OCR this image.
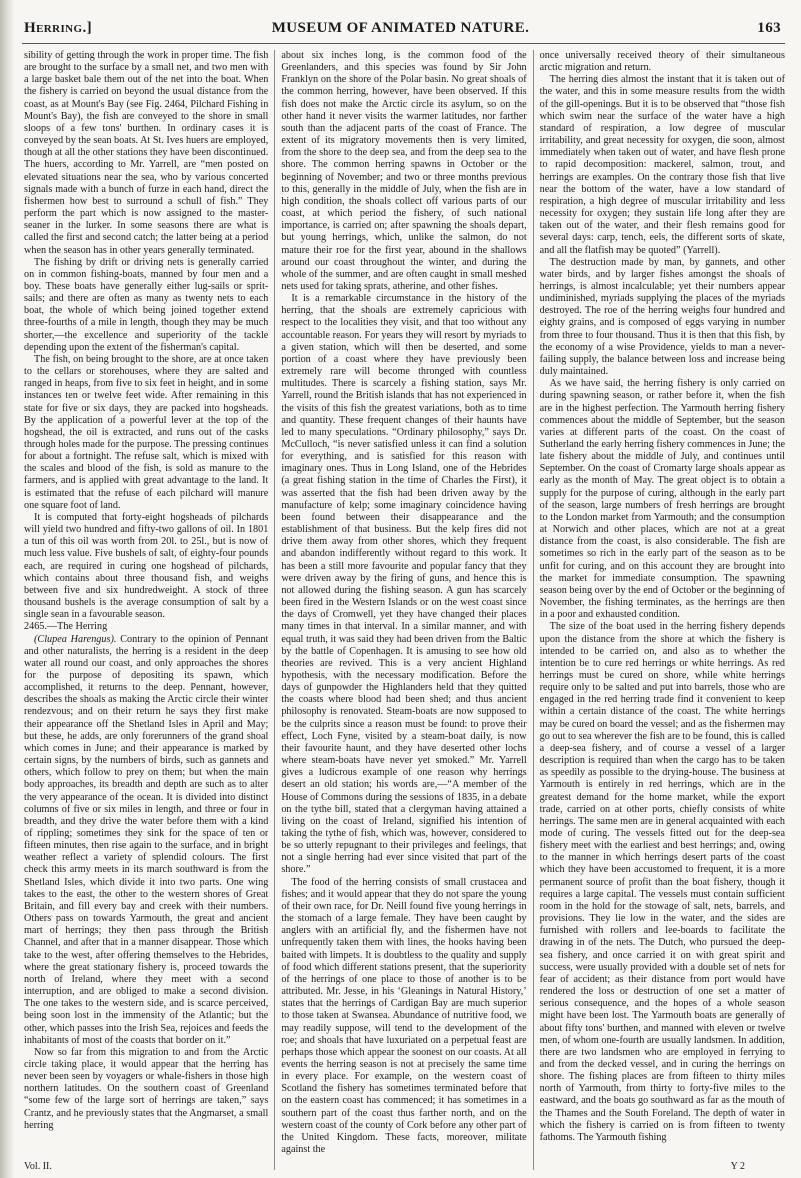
Herring.]	MUSEUM OF ANIMATED NATURE.	163

sibility of getting through the work in proper time. The fish are brought to the surface by a small net, and two men with a large basket bale them out of the net into the boat. When the fishery is carried on beyond the usual distance from the coast, as at Mount's Bay (see Fig. 2464, Pilchard Fishing in Mount's Bay), the fish are conveyed to the shore in small sloops of a few tons' burthen. In ordinary cases it is conveyed by the sean boats. At St. Ives huers are employed, though at all the other stations they have been discontinued. The huers, according to Mr. Yarrell, are “men posted on elevated situations near the sea, who by various concerted signals made with a bunch of furze in each hand, direct the fishermen how best to surround a schull of fish.” They perform the part which is now assigned to the master-seaner in the lurker. In some seasons there are what is called the first and second catch; the latter being at a period when the season has in other years generally terminated.

The fishing by drift or driving nets is generally carried on in common fishing-boats, manned by four men and a boy. These boats have generally either lug-sails or sprit-sails; and there are often as many as twenty nets to each boat, the whole of which being joined together extend three-fourths of a mile in length, though they may be much shorter,—the excellence and superiority of the tackle depending upon the extent of the fisherman's capital.

The fish, on being brought to the shore, are at once taken to the cellars or storehouses, where they are salted and ranged in heaps, from five to six feet in height, and in some instances ten or twelve feet wide. After remaining in this state for five or six days, they are packed into hogsheads. By the application of a powerful lever at the top of the hogshead, the oil is extracted, and runs out of the casks through holes made for the purpose. The pressing continues for about a fortnight. The refuse salt, which is mixed with the scales and blood of the fish, is sold as manure to the farmers, and is applied with great advantage to the land. It is estimated that the refuse of each pilchard will manure one square foot of land.

It is computed that forty-eight hogsheads of pilchards will yield two hundred and fifty-two gallons of oil. In 1801 a tun of this oil was worth from 20l. to 25l., but is now of much less value. Five bushels of salt, of eighty-four pounds each, are required in curing one hogshead of pilchards, which contains about three thousand fish, and weighs between five and six hundredweight. A stock of three thousand bushels is the average consumption of salt by a single sean in a favourable season.

2465.—The Herring

(Clupea Harengus). Contrary to the opinion of Pennant and other naturalists, the herring is a resident in the deep water all round our coast, and only approaches the shores for the purpose of depositing its spawn, which accomplished, it returns to the deep. Pennant, however, describes the shoals as making the Arctic circle their winter rendezvous; and on their return he says they first make their appearance off the Shetland Isles in April and May; but these, he adds, are only forerunners of the grand shoal which comes in June; and their appearance is marked by certain signs, by the numbers of birds, such as gannets and others, which follow to prey on them; but when the main body approaches, its breadth and depth are such as to alter the very appearance of the ocean. It is divided into distinct columns of five or six miles in length, and three or four in breadth, and they drive the water before them with a kind of rippling; sometimes they sink for the space of ten or fifteen minutes, then rise again to the surface, and in bright weather reflect a variety of splendid colours. The first check this army meets in its march southward is from the Shetland Isles, which divide it into two parts. One wing takes to the east, the other to the western shores of Great Britain, and fill every bay and creek with their numbers. Others pass on towards Yarmouth, the great and ancient mart of herrings; they then pass through the British Channel, and after that in a manner disappear. Those which take to the west, after offering themselves to the Hebrides, where the great stationary fishery is, proceed towards the north of Ireland, where they meet with a second interruption, and are obliged to make a second division. The one takes to the western side, and is scarce perceived, being soon lost in the immensity of the Atlantic; but the other, which passes into the Irish Sea, rejoices and feeds the inhabitants of most of the coasts that border on it.”

Now so far from this migration to and from the Arctic circle taking place, it would appear that the herring has never been seen by voyagers or whale-fishers in those high northern latitudes. On the southern coast of Greenland “some few of the large sort of herrings are taken,” says Crantz, and he previously states that the Angmarset, a small herring

about six inches long, is the common food of the Greenlanders, and this species was found by Sir John Franklyn on the shore of the Polar basin. No great shoals of the common herring, however, have been observed. If this fish does not make the Arctic circle its asylum, so on the other hand it never visits the warmer latitudes, nor farther south than the adjacent parts of the coast of France. The extent of its migratory movements then is very limited, from the shore to the deep sea, and from the deep sea to the shore. The common herring spawns in October or the beginning of November; and two or three months previous to this, generally in the middle of July, when the fish are in high condition, the shoals collect off various parts of our coast, at which period the fishery, of such national importance, is carried on; after spawning the shoals depart, but young herrings, which, unlike the salmon, do not mature their roe for the first year, abound in the shallows around our coast throughout the winter, and during the whole of the summer, and are often caught in small meshed nets used for taking sprats, atherine, and other fishes.

It is a remarkable circumstance in the history of the herring, that the shoals are extremely capricious with respect to the localities they visit, and that too without any accountable reason. For years they will resort by myriads to a given station, which will then be deserted, and some portion of a coast where they have previously been extremely rare will become thronged with countless multitudes. There is scarcely a fishing station, says Mr. Yarrell, round the British islands that has not experienced in the visits of this fish the greatest variations, both as to time and quantity. These frequent changes of their haunts have led to many speculations. “Ordinary philosophy,” says Dr. McCulloch, “is never satisfied unless it can find a solution for everything, and is satisfied for this reason with imaginary ones. Thus in Long Island, one of the Hebrides (a great fishing station in the time of Charles the First), it was asserted that the fish had been driven away by the manufacture of kelp; some imaginary coincidence having been found between their disappearance and the establishment of that business. But the kelp fires did not drive them away from other shores, which they frequent and abandon indifferently without regard to this work. It has been a still more favourite and popular fancy that they were driven away by the firing of guns, and hence this is not allowed during the fishing season. A gun has scarcely been fired in the Western Islands or on the west coast since the days of Cromwell, yet they have changed their places many times in that interval. In a similar manner, and with equal truth, it was said they had been driven from the Baltic by the battle of Copenhagen. It is amusing to see how old theories are revived. This is a very ancient Highland hypothesis, with the necessary modification. Before the days of gunpowder the Highlanders held that they quitted the coasts where blood had been shed; and thus ancient philosophy is renovated. Steam-boats are now supposed to be the culprits since a reason must be found: to prove their effect, Loch Fyne, visited by a steam-boat daily, is now their favourite haunt, and they have deserted other lochs where steam-boats have never yet smoked.” Mr. Yarrell gives a ludicrous example of one reason why herrings desert an old station; his words are,—“A member of the House of Commons during the sessions of 1835, in a debate on the tythe bill, stated that a clergyman having attained a living on the coast of Ireland, signified his intention of taking the tythe of fish, which was, however, considered to be so utterly repugnant to their privileges and feelings, that not a single herring had ever since visited that part of the shore.”

The food of the herring consists of small crustacea and fishes; and it would appear that they do not spare the young of their own race, for Dr. Neill found five young herrings in the stomach of a large female. They have been caught by anglers with an artificial fly, and the fishermen have not unfrequently taken them with lines, the hooks having been baited with limpets. It is doubtless to the quality and supply of food which different stations present, that the superiority of the herrings of one place to those of another is to be attributed. Mr. Jesse, in his ‘Gleanings in Natural History,’ states that the herrings of Cardigan Bay are much superior to those taken at Swansea. Abundance of nutritive food, we may readily suppose, will tend to the development of the roe; and shoals that have luxuriated on a perpetual feast are perhaps those which appear the soonest on our coasts. At all events the herring season is not at precisely the same time in every place. For example, on the western coast of Scotland the fishery has sometimes terminated before that on the eastern coast has commenced; it has sometimes in a southern part of the coast thus farther north, and on the western coast of the county of Cork before any other part of the United Kingdom. These facts, moreover, militate against the

once universally received theory of their simultaneous arctic migration and return.

The herring dies almost the instant that it is taken out of the water, and this in some measure results from the width of the gill-openings. But it is to be observed that “those fish which swim near the surface of the water have a high standard of respiration, a low degree of muscular irritability, and great necessity for oxygen, die soon, almost immediately when taken out of water, and have flesh prone to rapid decomposition: mackerel, salmon, trout, and herrings are examples. On the contrary those fish that live near the bottom of the water, have a low standard of respiration, a high degree of muscular irritability and less necessity for oxygen; they sustain life long after they are taken out of the water, and their flesh remains good for several days: carp, tench, eels, the different sorts of skate, and all the flatfish may be quoted” (Yarrell).

The destruction made by man, by gannets, and other water birds, and by larger fishes amongst the shoals of herrings, is almost incalculable; yet their numbers appear undiminished, myriads supplying the places of the myriads destroyed. The roe of the herring weighs four hundred and eighty grains, and is composed of eggs varying in number from three to four thousand. Thus it is then that this fish, by the economy of a wise Providence, yields to man a never-failing supply, the balance between loss and increase being duly maintained.

As we have said, the herring fishery is only carried on during spawning season, or rather before it, when the fish are in the highest perfection. The Yarmouth herring fishery commences about the middle of September, but the season varies at different parts of the coast. On the coast of Sutherland the early herring fishery commences in June; the late fishery about the middle of July, and continues until September. On the coast of Cromarty large shoals appear as early as the month of May. The great object is to obtain a supply for the purpose of curing, although in the early part of the season, large numbers of fresh herrings are brought to the London market from Yarmouth; and the consumption at Norwich and other places, which are not at a great distance from the coast, is also considerable. The fish are sometimes so rich in the early part of the season as to be unfit for curing, and on this account they are brought into the market for immediate consumption. The spawning season being over by the end of October or the beginning of November, the fishing terminates, as the herrings are then in a poor and exhausted condition.

The size of the boat used in the herring fishery depends upon the distance from the shore at which the fishery is intended to be carried on, and also as to whether the intention be to cure red herrings or white herrings. As red herrings must be cured on shore, while white herrings require only to be salted and put into barrels, those who are engaged in the red herring trade find it convenient to keep within a certain distance of the coast. The white herrings may be cured on board the vessel; and as the fishermen may go out to sea wherever the fish are to be found, this is called a deep-sea fishery, and of course a vessel of a larger description is required than when the cargo has to be taken as speedily as possible to the drying-house. The business at Yarmouth is entirely in red herrings, which are in the greatest demand for the home market, while the export trade, carried on at other ports, chiefly consists of white herrings. The same men are in general acquainted with each mode of curing. The vessels fitted out for the deep-sea fishery meet with the earliest and best herrings; and, owing to the manner in which herrings desert parts of the coast which they have been accustomed to frequent, it is a more permanent source of profit than the boat fishery, though it requires a large capital. The vessels must contain sufficient room in the hold for the stowage of salt, nets, barrels, and provisions. They lie low in the water, and the sides are furnished with rollers and lee-boards to facilitate the drawing in of the nets. The Dutch, who pursued the deep-sea fishery, and once carried it on with great spirit and success, were usually provided with a double set of nets for fear of accident; as their distance from port would have rendered the loss or destruction of one set a matter of serious consequence, and the hopes of a whole season might have been lost. The Yarmouth boats are generally of about fifty tons' burthen, and manned with eleven or twelve men, of whom one-fourth are usually landsmen. In addition, there are two landsmen who are employed in ferrying to and from the decked vessel, and in curing the herrings on shore. The fishing places are from fifteen to thirty miles north of Yarmouth, from thirty to forty-five miles to the eastward, and the boats go southward as far as the mouth of the Thames and the South Foreland. The depth of water in which the fishery is carried on is from fifteen to twenty fathoms. The Yarmouth fishing

Vol. II.	Y 2
